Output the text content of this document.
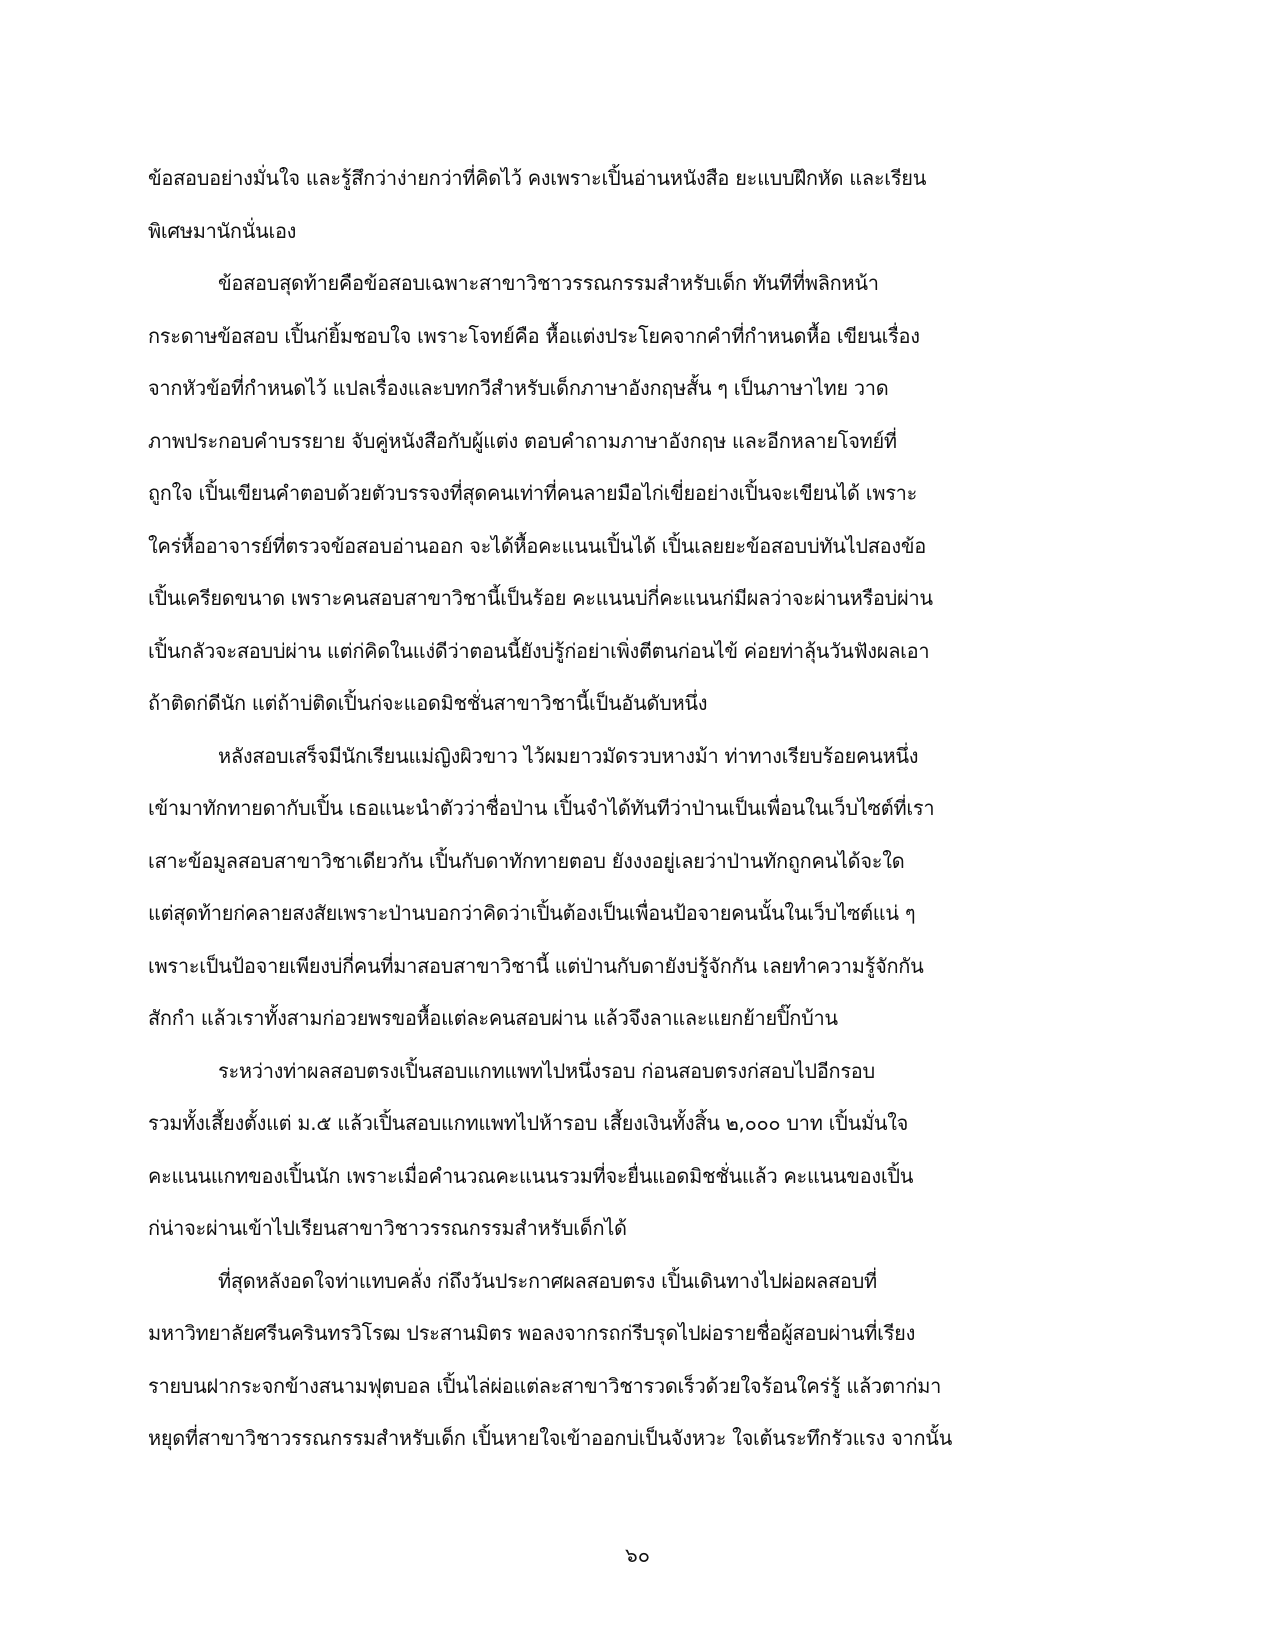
ข้อสอบอย่างมั่นใจ และรู้สึกว่าง่ายกว่าที่คิดไว้ คงเพราะเปิ้นอ่านหนังสือ ยะแบบฝึกหัด และเรียน
พิเศษมานักนั่นเอง
ข้อสอบสุดท้ายคือข้อสอบเฉพาะสาขาวิชาวรรณกรรมสำหรับเด็ก ทันทีที่พลิกหน้า
กระดาษข้อสอบ เปิ้นก่ยิ้มชอบใจ เพราะโจทย์คือ หื้อแต่งประโยคจากคำที่กำหนดหื้อ เขียนเรื่อง
จากหัวข้อที่กำหนดไว้ แปลเรื่องและบทกวีสำหรับเด็กภาษาอังกฤษสั้น ๆ เป็นภาษาไทย วาด
ภาพประกอบคำบรรยาย จับคู่หนังสือกับผู้แต่ง ตอบคำถามภาษาอังกฤษ และอีกหลายโจทย์ที่
ถูกใจ เปิ้นเขียนคำตอบด้วยตัวบรรจงที่สุดคนเท่าที่คนลายมือไก่เขี่ยอย่างเปิ้นจะเขียนได้ เพราะ
ใคร่หื้ออาจารย์ที่ตรวจข้อสอบอ่านออก จะได้หื้อคะแนนเปิ้นได้ เปิ้นเลยยะข้อสอบบ่ทันไปสองข้อ
เปิ้นเครียดขนาด เพราะคนสอบสาขาวิชานี้เป็นร้อย คะแนนบ่กี่คะแนนก่มีผลว่าจะผ่านหรือบ่ผ่าน
เปิ้นกลัวจะสอบบ่ผ่าน แต่ก่คิดในแง่ดีว่าตอนนี้ยังบ่รู้ก่อย่าเพิ่งตีตนก่อนไข้ ค่อยท่าลุ้นวันฟังผลเอา
ถ้าติดก่ดีนัก แต่ถ้าบ่ติดเปิ้นก่จะแอดมิชชั่นสาขาวิชานี้เป็นอันดับหนึ่ง
หลังสอบเสร็จมีนักเรียนแม่ญิงผิวขาว ไว้ผมยาวมัดรวบหางม้า ท่าทางเรียบร้อยคนหนึ่ง
เข้ามาทักทายดากับเปิ้น เธอแนะนำตัวว่าชื่อป่าน เปิ้นจำได้ทันทีว่าป่านเป็นเพื่อนในเว็บไซต์ที่เรา
เสาะข้อมูลสอบสาขาวิชาเดียวกัน เปิ้นกับดาทักทายตอบ ยังงงอยู่เลยว่าป่านทักถูกคนได้จะใด
แต่สุดท้ายก่คลายสงสัยเพราะป่านบอกว่าคิดว่าเปิ้นต้องเป็นเพื่อนป้อจายคนนั้นในเว็บไซต์แน่ ๆ
เพราะเป็นป้อจายเพียงบ่กี่คนที่มาสอบสาขาวิชานี้ แต่ป่านกับดายังบ่รู้จักกัน เลยทำความรู้จักกัน
สักกำ แล้วเราทั้งสามก่อวยพรขอหื้อแต่ละคนสอบผ่าน แล้วจึงลาและแยกย้ายปิ๊กบ้าน
ระหว่างท่าผลสอบตรงเปิ้นสอบแกทแพทไปหนึ่งรอบ ก่อนสอบตรงก่สอบไปอีกรอบ
รวมทั้งเสี้ยงตั้งแต่ ม.๕ แล้วเปิ้นสอบแกทแพทไปห้ารอบ เสี้ยงเงินทั้งสิ้น ๒,๐๐๐ บาท เปิ้นมั่นใจ
คะแนนแกทของเปิ้นนัก เพราะเมื่อคำนวณคะแนนรวมที่จะยื่นแอดมิชชั่นแล้ว คะแนนของเปิ้น
ก่น่าจะผ่านเข้าไปเรียนสาขาวิชาวรรณกรรมสำหรับเด็กได้
ที่สุดหลังอดใจท่าแทบคลั่ง ก่ถึงวันประกาศผลสอบตรง เปิ้นเดินทางไปผ่อผลสอบที่
มหาวิทยาลัยศรีนครินทรวิโรฒ ประสานมิตร พอลงจากรถก่รีบรุดไปผ่อรายชื่อผู้สอบผ่านที่เรียง
รายบนฝากระจกข้างสนามฟุตบอล เปิ้นไล่ผ่อแต่ละสาขาวิชารวดเร็วด้วยใจร้อนใคร่รู้ แล้วตาก่มา
หยุดที่สาขาวิชาวรรณกรรมสำหรับเด็ก เปิ้นหายใจเข้าออกบ่เป็นจังหวะ ใจเต้นระทึกรัวแรง จากนั้น
๖๐
